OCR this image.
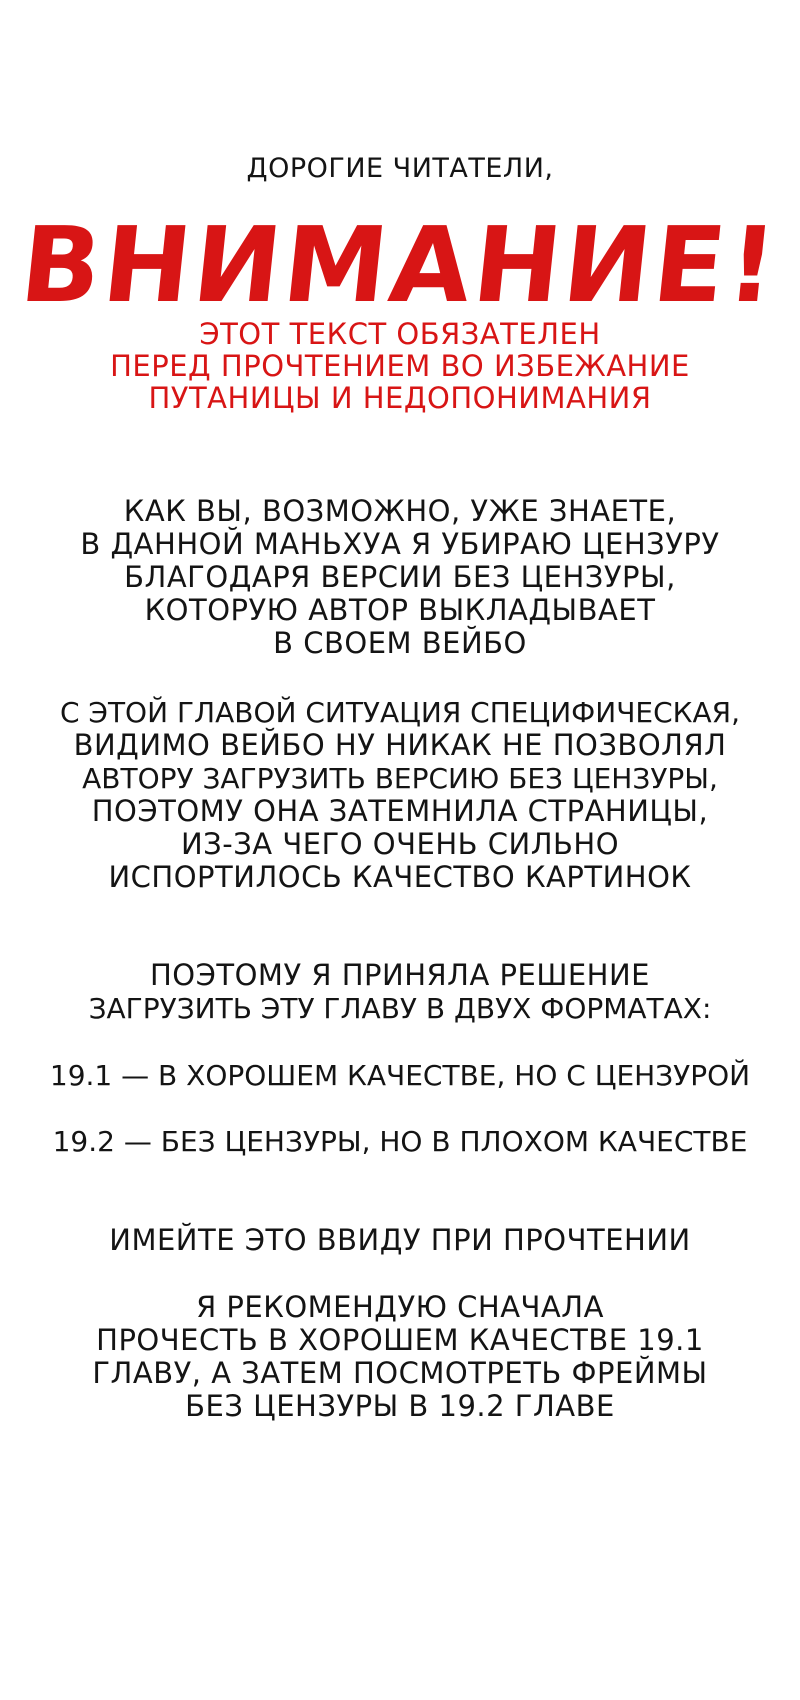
ДОРОГИЕ ЧИТАТЕЛИ,
ВНИМАНИЕ!
ЭТОТ ТЕКСТ ОБЯЗАТЕЛЕН
ПЕРЕД ПРОЧТЕНИЕМ ВО ИЗБЕЖАНИЕ
ПУТАНИЦЫ И НЕДОПОНИМАНИЯ
КАК ВЫ, ВОЗМОЖНО, УЖЕ ЗНАЕТЕ,
В ДАННОЙ МАНЬХУА Я УБИРАЮ ЦЕНЗУРУ
БЛАГОДАРЯ ВЕРСИИ БЕЗ ЦЕНЗУРЫ,
КОТОРУЮ АВТОР ВЫКЛАДЫВАЕТ
В СВОЕМ ВЕЙБО
С ЭТОЙ ГЛАВОЙ СИТУАЦИЯ СПЕЦИФИЧЕСКАЯ,
ВИДИМО ВЕЙБО НУ НИКАК НЕ ПОЗВОЛЯЛ
АВТОРУ ЗАГРУЗИТЬ ВЕРСИЮ БЕЗ ЦЕНЗУРЫ,
ПОЭТОМУ ОНА ЗАТЕМНИЛА СТРАНИЦЫ,
ИЗ-ЗА ЧЕГО ОЧЕНЬ СИЛЬНО
ИСПОРТИЛОСЬ КАЧЕСТВО КАРТИНОК
ПОЭТОМУ Я ПРИНЯЛА РЕШЕНИЕ
ЗАГРУЗИТЬ ЭТУ ГЛАВУ В ДВУХ ФОРМАТАХ:
19.1 — В ХОРОШЕМ КАЧЕСТВЕ, НО С ЦЕНЗУРОЙ
19.2 — БЕЗ ЦЕНЗУРЫ, НО В ПЛОХОМ КАЧЕСТВЕ
ИМЕЙТЕ ЭТО ВВИДУ ПРИ ПРОЧТЕНИИ
Я РЕКОМЕНДУЮ СНАЧАЛА
ПРОЧЕСТЬ В ХОРОШЕМ КАЧЕСТВЕ 19.1
ГЛАВУ, А ЗАТЕМ ПОСМОТРЕТЬ ФРЕЙМЫ
БЕЗ ЦЕНЗУРЫ В 19.2 ГЛАВЕ
